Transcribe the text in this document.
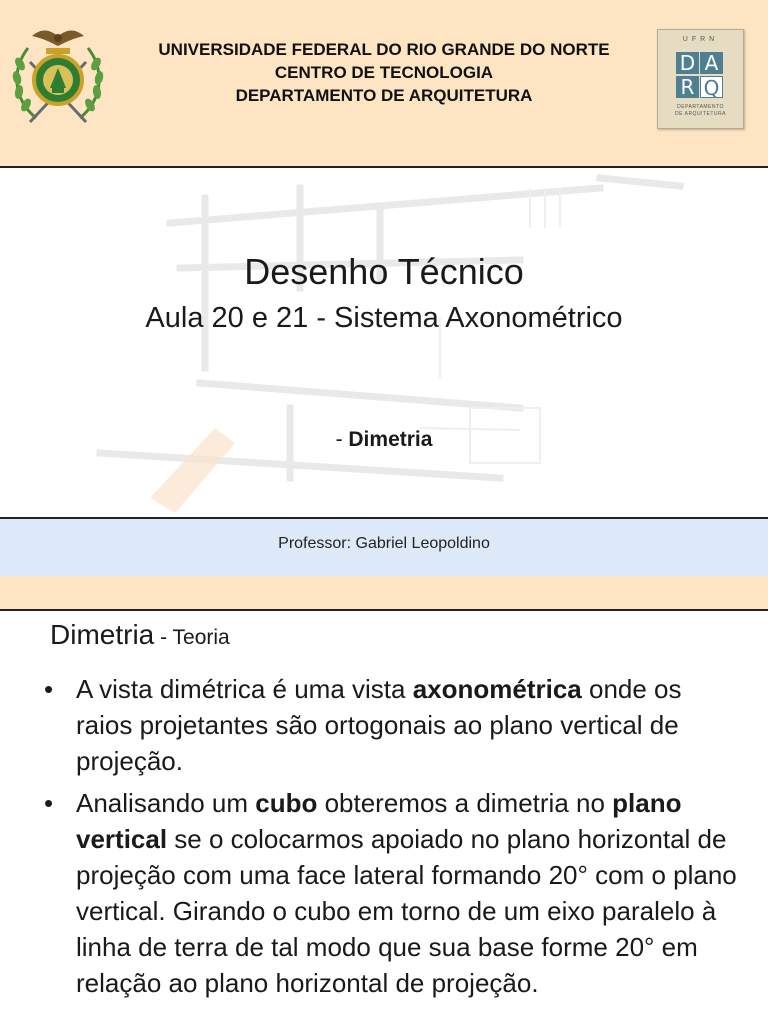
UNIVERSIDADE FEDERAL DO RIO GRANDE DO NORTE
CENTRO DE TECNOLOGIA
DEPARTAMENTO DE ARQUITETURA
UFRN
D A
R Q
DEPARTAMENTO
DE ARQUITETURA
Desenho Técnico
Aula 20 e 21 - Sistema Axonométrico
- Dimetria
Professor: Gabriel Leopoldino
Dimetria - Teoria
• A vista dimétrica é uma vista axonométrica onde os raios projetantes são ortogonais ao plano vertical de projeção.
• Analisando um cubo obteremos a dimetria no plano vertical se o colocarmos apoiado no plano horizontal de projeção com uma face lateral formando 20° com o plano vertical. Girando o cubo em torno de um eixo paralelo à linha de terra de tal modo que sua base forme 20° em relação ao plano horizontal de projeção.
